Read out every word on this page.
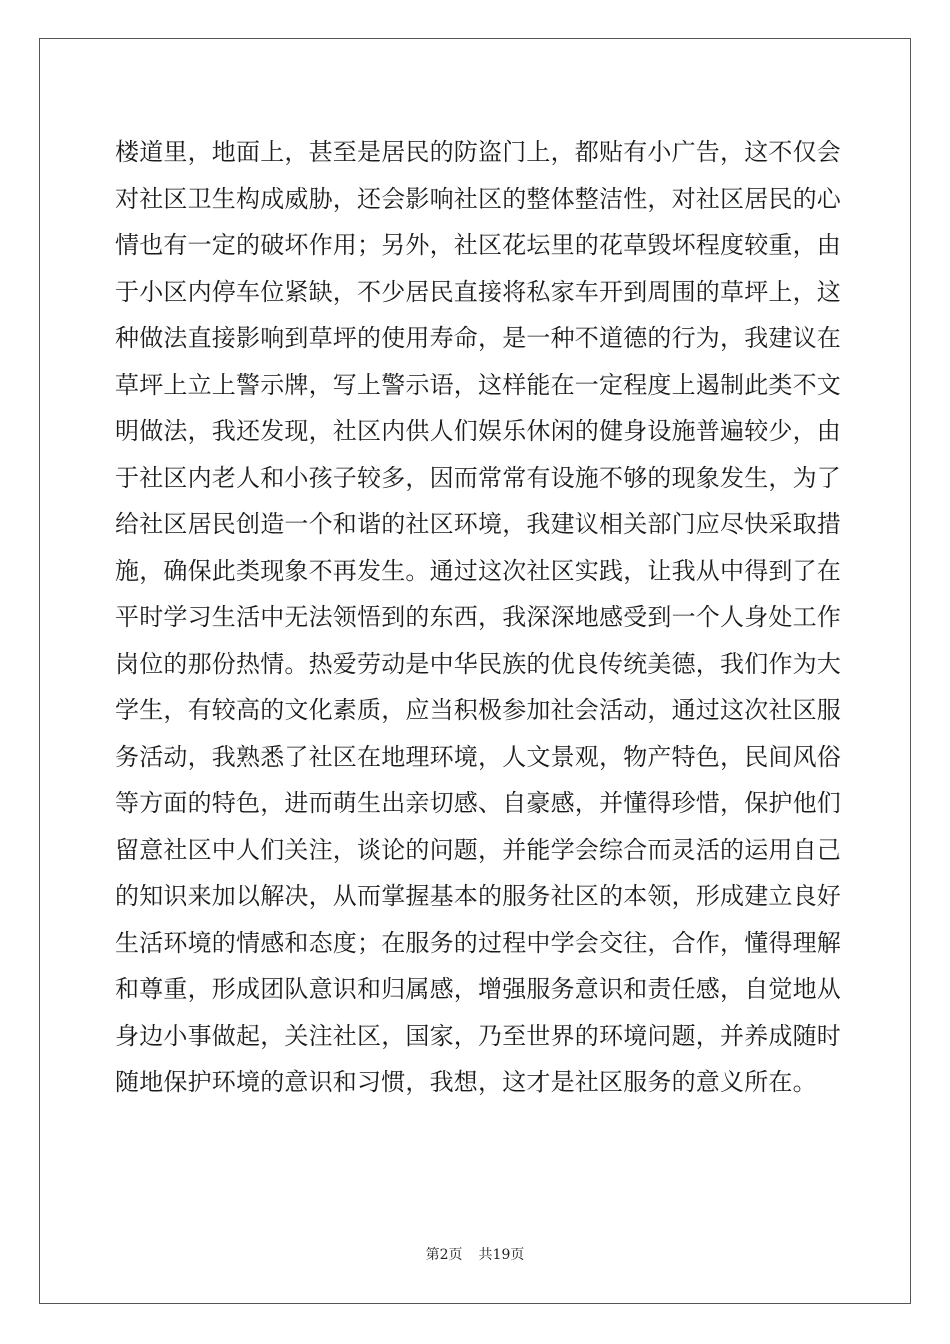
楼道里，地面上，甚至是居民的防盗门上，都贴有小广告，这不仅会
对社区卫生构成威胁，还会影响社区的整体整洁性，对社区居民的心
情也有一定的破坏作用；另外，社区花坛里的花草毁坏程度较重，由
于小区内停车位紧缺，不少居民直接将私家车开到周围的草坪上，这
种做法直接影响到草坪的使用寿命，是一种不道德的行为，我建议在
草坪上立上警示牌，写上警示语，这样能在一定程度上遏制此类不文
明做法，我还发现，社区内供人们娱乐休闲的健身设施普遍较少，由
于社区内老人和小孩子较多，因而常常有设施不够的现象发生，为了
给社区居民创造一个和谐的社区环境，我建议相关部门应尽快采取措
施，确保此类现象不再发生。通过这次社区实践，让我从中得到了在
平时学习生活中无法领悟到的东西，我深深地感受到一个人身处工作
岗位的那份热情。热爱劳动是中华民族的优良传统美德，我们作为大
学生，有较高的文化素质，应当积极参加社会活动，通过这次社区服
务活动，我熟悉了社区在地理环境，人文景观，物产特色，民间风俗
等方面的特色，进而萌生出亲切感、自豪感，并懂得珍惜，保护他们
留意社区中人们关注，谈论的问题，并能学会综合而灵活的运用自己
的知识来加以解决，从而掌握基本的服务社区的本领，形成建立良好
生活环境的情感和态度；在服务的过程中学会交往，合作，懂得理解
和尊重，形成团队意识和归属感，增强服务意识和责任感，自觉地从
身边小事做起，关注社区，国家，乃至世界的环境问题，并养成随时
随地保护环境的意识和习惯，我想，这才是社区服务的意义所在。
第2页 共19页
